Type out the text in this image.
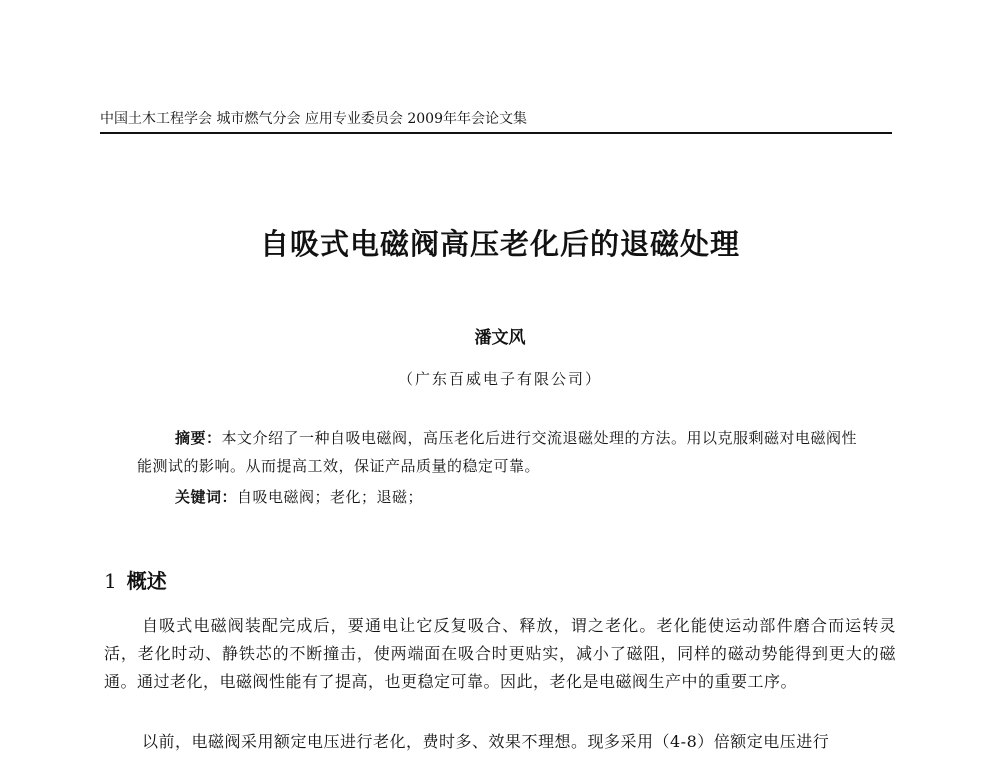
中国土木工程学会 城市燃气分会 应用专业委员会 2009年年会论文集
自吸式电磁阀高压老化后的退磁处理
潘文风
（广东百威电子有限公司）
摘要：本文介绍了一种自吸电磁阀，高压老化后进行交流退磁处理的方法。用以克服剩磁对电磁阀性能测试的影响。从而提高工效，保证产品质量的稳定可靠。
关键词：自吸电磁阀；老化；退磁；
1 概述
自吸式电磁阀装配完成后，要通电让它反复吸合、释放，谓之老化。老化能使运动部件磨合而运转灵活，老化时动、静铁芯的不断撞击，使两端面在吸合时更贴实，减小了磁阻，同样的磁动势能得到更大的磁通。通过老化，电磁阀性能有了提高，也更稳定可靠。因此，老化是电磁阀生产中的重要工序。
以前，电磁阀采用额定电压进行老化，费时多、效果不理想。现多采用（4-8）倍额定电压进行
